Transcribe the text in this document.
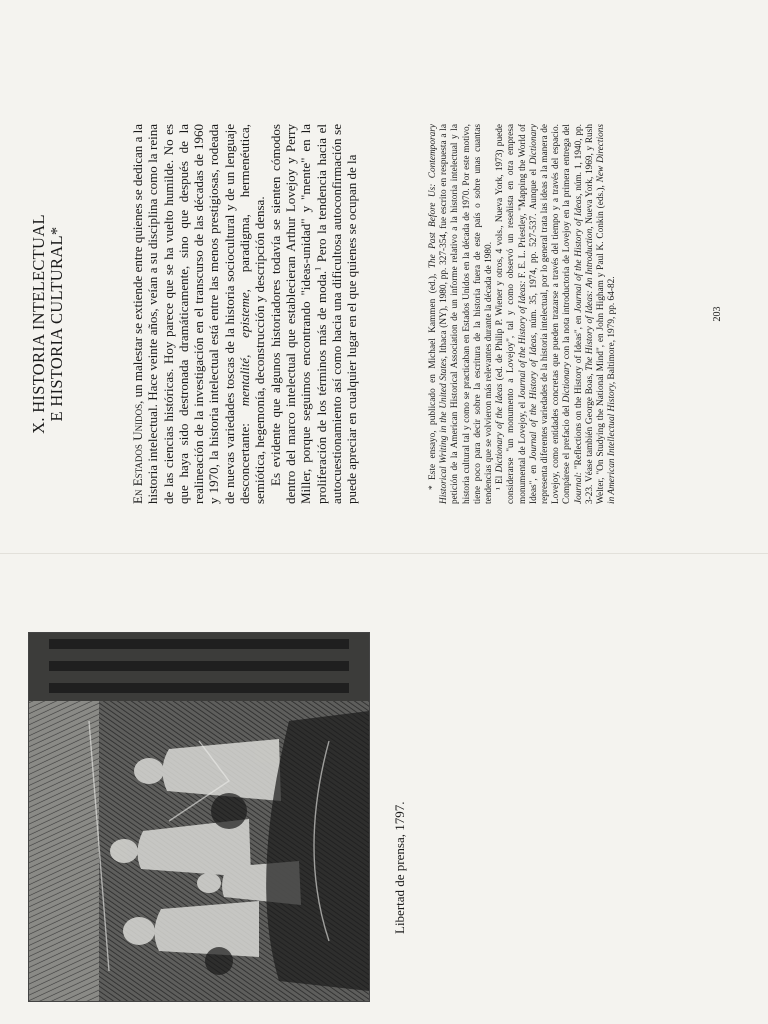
Libertad de prensa, 1797.
X. HISTORIA INTELECTUAL E HISTORIA CULTURAL*

En Estados Unidos, un malestar se extiende entre quienes se dedican a la historia intelectual. Hace veinte años, veían a su disciplina como la reina de las ciencias históricas. Hoy parece que se ha vuelto humilde. No es que haya sido destronada dramáticamente, sino que después de la realineación de la investigación en el transcurso de las décadas de 1960 y 1970, la historia intelectual está entre las menos prestigiosas, rodeada de nuevas variedades toscas de la historia sociocultural y de un lenguaje desconcertante: mentalité, episteme, paradigma, hermenéutica, semiótica, hegemonía, deconstrucción y descripción densa. Es evidente que algunos historiadores todavía se sienten cómodos dentro del marco intelectual que establecieran Arthur Lovejoy y Perry Miller, porque seguimos encontrando "ideas-unidad" y "mente" en la proliferación de los términos más de moda.$^1$ Pero la tendencia hacia el autocuestionamiento así como hacia una dificultosa autoconfirmación se puede apreciar en cualquier lugar en el que quienes se ocupan de la	* Este ensayo, publicado en Michael Kammen (ed.), The Past Before Us: Contemporary Historical Writing in the United States, Ithaca (NY), 1980, pp. 327-354, fue escrito en respuesta a la petición de la American Historical Association de un informe relativo a la historia intelectual y la historia cultural tal y como se practicaban en Estados Unidos en la década de 1970. Por este motivo, tiene poco para decir sobre la escritura de la historia fuera de este país o sobre unas cuantas tendencias que se volvieron más relevantes durante la década de 1980. ¹ El Dictionary of the Ideas (ed. de Philip P. Wiener y otros, 4 vols., Nueva York, 1973) puede considerarse "un monumento a Lovejoy", tal y como observó un reseñista en otra empresa monumental de Lovejoy, el Journal of the History of Ideas: F. E. L. Priestley, "Mapping the World of Ideas", en Journal of the History of Ideas, núm. 35, 1974, pp. 527-537. Aunque el Dictionary representa diferentes variedades de la historia intelectual, por lo general trata las ideas a la manera de Lovejoy, como entidades concretas que pueden trazarse a través del tiempo y a través del espacio. Compárese el prefacio del Dictionary con la nota introductoria de Lovejoy en la primera entrega del Journal: "Reflections on the History of Ideas", en Journal of the History of Ideas, núm. 1, 1940, pp. 3-23. Véase también George Boas, The History of Ideas: An Introduction, Nueva York, 1969, y Rush Welter, "On Studying the National Mind", en John Higham y Paul K. Conkin (eds.), New Directions in American Intellectual History, Baltimore, 1979, pp. 64-82.	203
